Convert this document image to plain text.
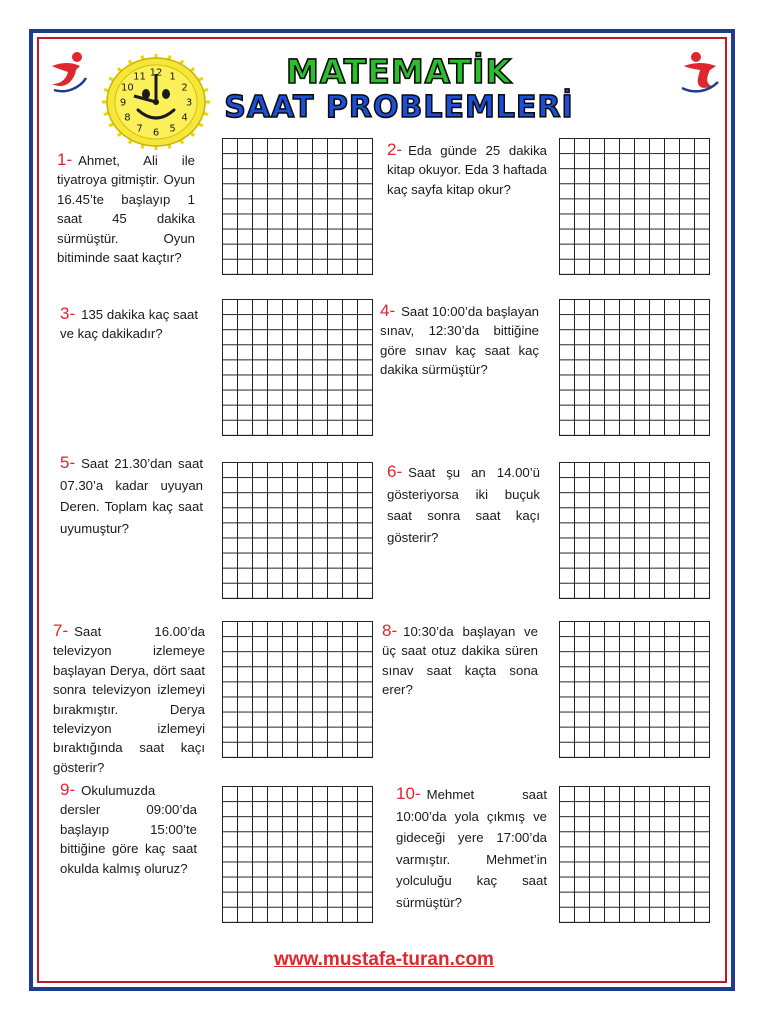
12 1
2
3
4
5
6
7
8
9
10
11	MATEMATİK
SAAT PROBLEMLERİ
1- Ahmet, Ali ile tiyatroya gitmiştir. Oyun 16.45’te başlayıp 1 saat 45 dakika sürmüştür. Oyun bitiminde saat kaçtır?
2- Eda günde 25 dakika kitap okuyor. Eda 3 haftada kaç sayfa kitap okur?
3- 135 dakika kaç saat ve kaç dakikadır?
4- Saat 10:00’da başlayan sınav, 12:30’da bittiğine göre sınav kaç saat kaç dakika sürmüştür?
5- Saat 21.30’dan saat 07.30’a kadar uyuyan Deren. Toplam kaç saat uyumuştur?
6- Saat şu an 14.00’ü gösteriyorsa iki buçuk saat sonra saat kaçı gösterir?
7- Saat 16.00’da televizyon izlemeye başlayan Derya, dört saat sonra televizyon izlemeyi bırakmıştır. Derya televizyon izlemeyi bıraktığında saat kaçı gösterir?
8- 10:30’da başlayan ve üç saat otuz dakika süren sınav saat kaçta sona erer?
9- Okulumuzda dersler 09:00’da başlayıp 15:00’te bittiğine göre kaç saat okulda kalmış oluruz?
10- Mehmet saat 10:00’da yola çıkmış ve gideceği yere 17:00’da varmıştır. Mehmet’in yolculuğu kaç saat sürmüştür?
www.mustafa-turan.com
